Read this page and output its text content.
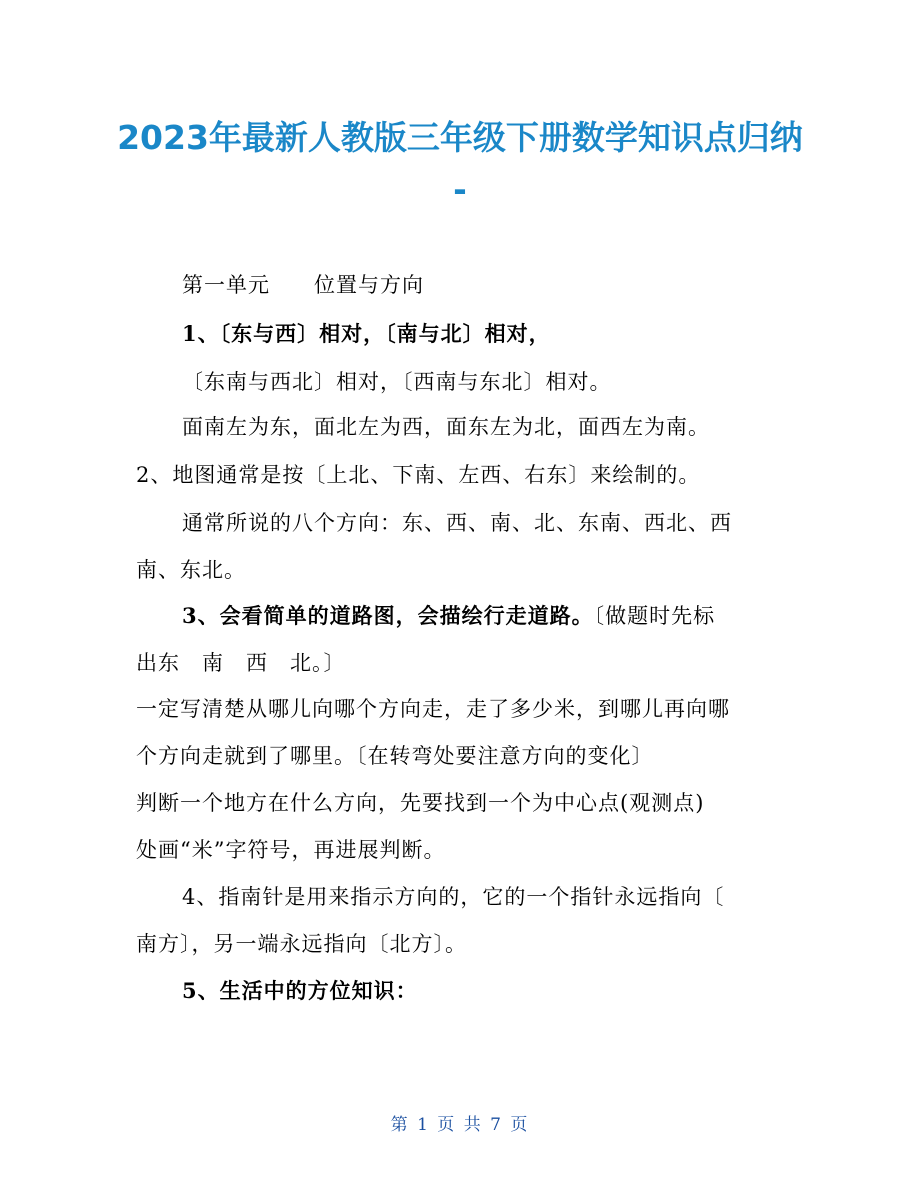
2023年最新人教版三年级下册数学知识点归纳
-

第一单元　　位置与方向

1、〔东与西〕相对，〔南与北〕相对，

〔东南与西北〕相对，〔西南与东北〕相对。

面南左为东，面北左为西，面东左为北，面西左为南。

2、地图通常是按〔上北、下南、左西、右东〕来绘制的。

通常所说的八个方向：东、西、南、北、东南、西北、西

南、东北。

3、会看简单的道路图，会描绘行走道路。〔做题时先标

出东　南　西　北。〕

一定写清楚从哪儿向哪个方向走，走了多少米，到哪儿再向哪

个方向走就到了哪里。〔在转弯处要注意方向的变化〕

判断一个地方在什么方向，先要找到一个为中心点(观测点)

处画“米”字符号，再进展判断。

4、指南针是用来指示方向的，它的一个指针永远指向〔

南方〕，另一端永远指向〔北方〕。

5、生活中的方位知识：

第 1 页 共 7 页
